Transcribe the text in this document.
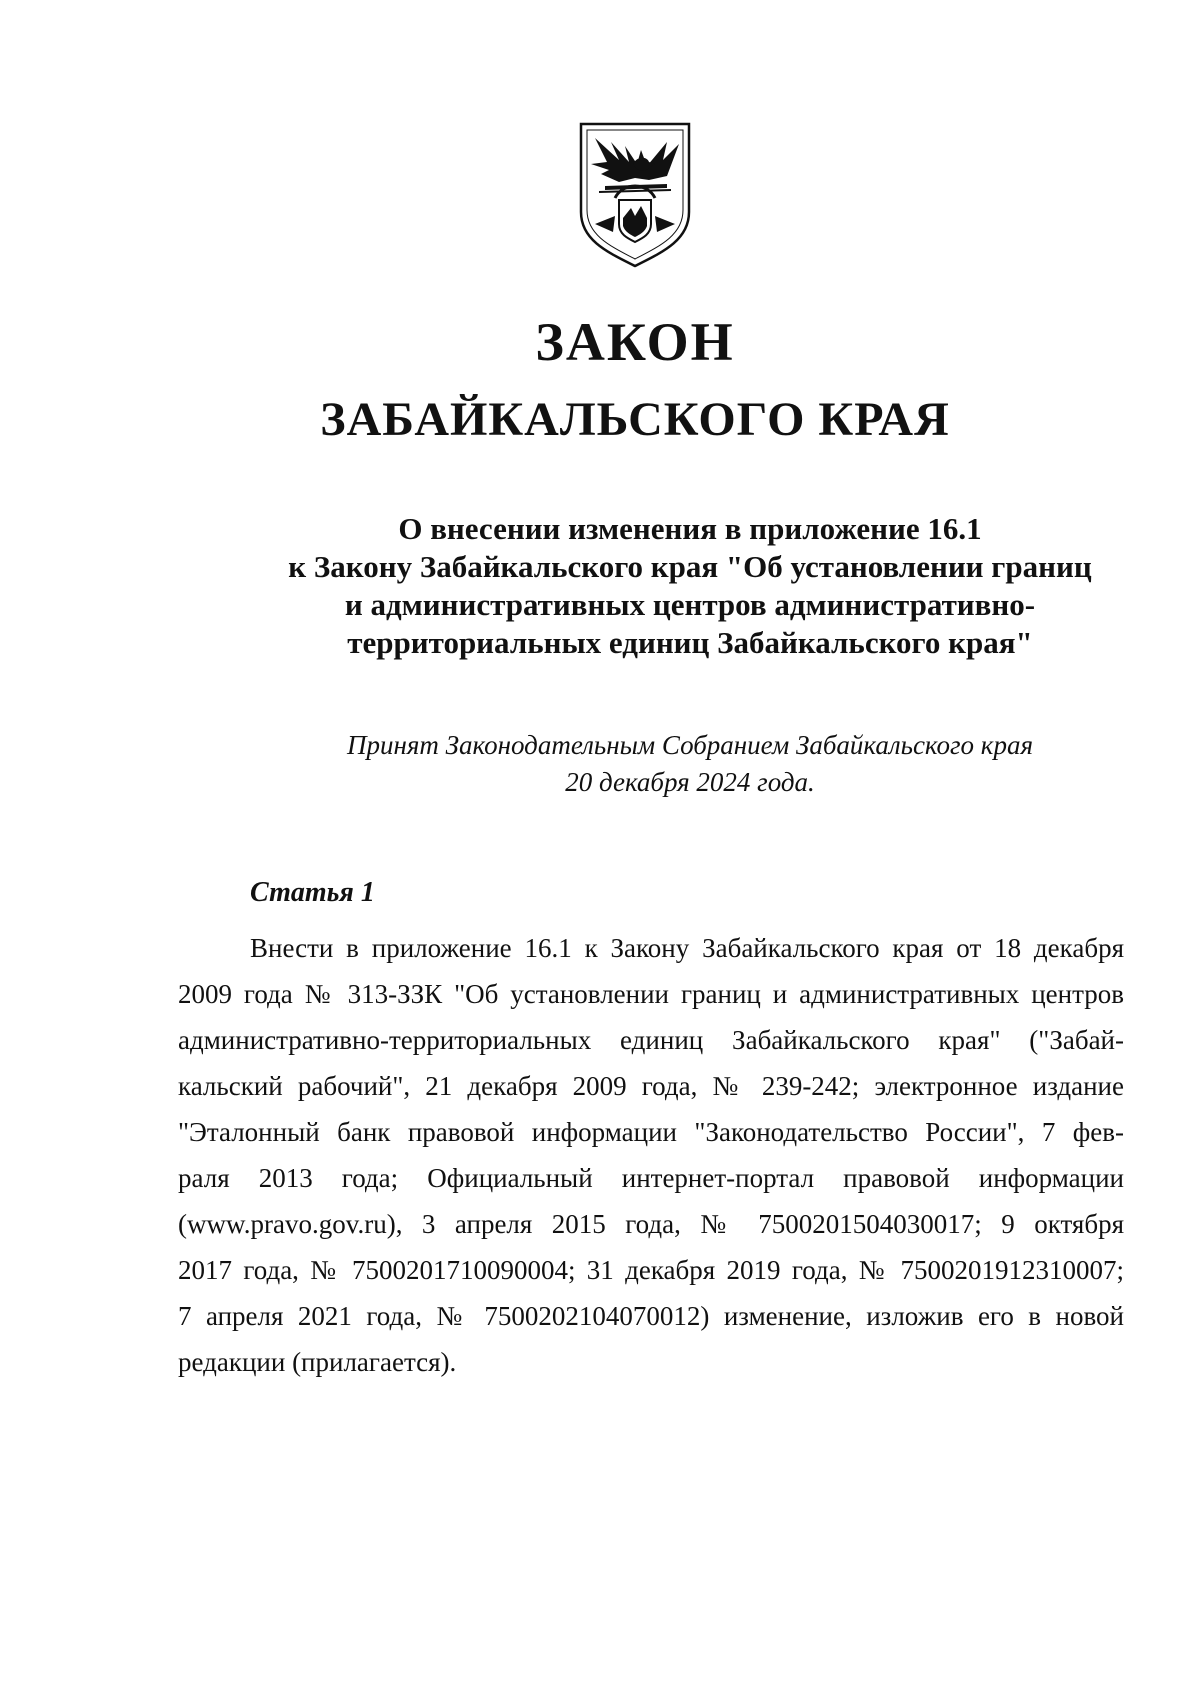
ЗАКОН
ЗАБАЙКАЛЬСКОГО КРАЯ
О внесении изменения в приложение 16.1
к Закону Забайкальского края "Об установлении границ
и административных центров административно-
территориальных единиц Забайкальского края"
Принят Законодательным Собранием Забайкальского края
20 декабря 2024 года.
Статья 1
Внести в приложение 16.1 к Закону Забайкальского края от 18 декабря
2009 года № 313-ЗЗК "Об установлении границ и административных центров
административно-территориальных единиц Забайкальского края" ("Забай-
кальский рабочий", 21 декабря 2009 года, № 239-242; электронное издание
"Эталонный банк правовой информации "Законодательство России", 7 фев-
раля 2013 года; Официальный интернет-портал правовой информации
(www.pravo.gov.ru), 3 апреля 2015 года, № 7500201504030017; 9 октября
2017 года, № 7500201710090004; 31 декабря 2019 года, № 7500201912310007;
7 апреля 2021 года, № 7500202104070012) изменение, изложив его в новой
редакции (прилагается).
